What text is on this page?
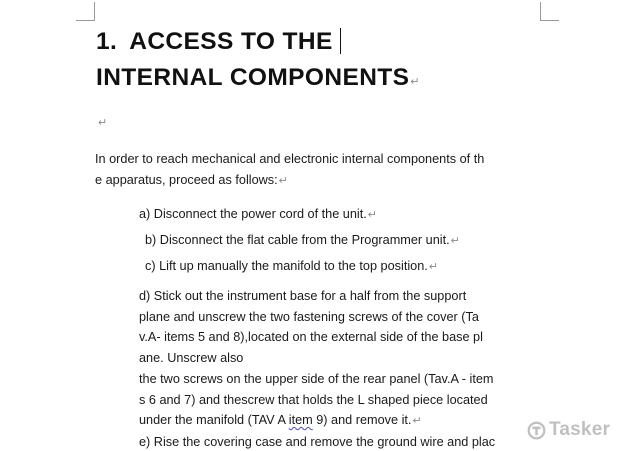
1. ACCESS TO THE
INTERNAL COMPONENTS↵
↵
In order to reach mechanical and electronic internal components of th
e apparatus, proceed as follows:↵
a) Disconnect the power cord of the unit.↵
b) Disconnect the flat cable from the Programmer unit.↵
c) Lift up manually the manifold to the top position.↵
d) Stick out the instrument base for a half from the support
plane and unscrew the two fastening screws of the cover (Ta
v.A- items 5 and 8),located on the external side of the base pl
ane. Unscrew also
the two screws on the upper side of the rear panel (Tav.A - item
s 6 and 7) and thescrew that holds the L shaped piece located
under the manifold (TAV A item 9) and remove it.↵
e) Rise the covering case and remove the ground wire and plac
Tasker
